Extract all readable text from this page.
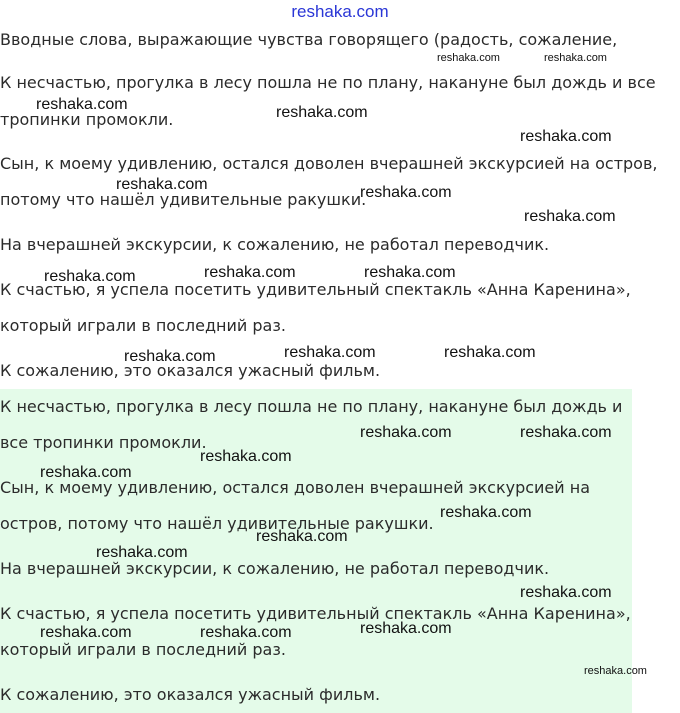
reshaka.com
Вводные слова, выражающие чувства говорящего (радость, сожаление,
К несчастью, прогулка в лесу пошла не по плану, накануне был дождь и все
тропинки промокли.
Сын, к моему удивлению, остался доволен вчерашней экскурсией на остров,
потому что нашёл удивительные ракушки.
На вчерашней экскурсии, к сожалению, не работал переводчик.
К счастью, я успела посетить удивительный спектакль «Анна Каренина»,
который играли в последний раз.
К сожалению, это оказался ужасный фильм.
К несчастью, прогулка в лесу пошла не по плану, накануне был дождь и
все тропинки промокли.
Сын, к моему удивлению, остался доволен вчерашней экскурсией на
остров, потому что нашёл удивительные ракушки.
На вчерашней экскурсии, к сожалению, не работал переводчик.
К счастью, я успела посетить удивительный спектакль «Анна Каренина»,
который играли в последний раз.
К сожалению, это оказался ужасный фильм.
reshaka.com	reshaka.com
reshaka.com	reshaka.com
reshaka.com
reshaka.com	reshaka.com
reshaka.com
reshaka.com	reshaka.com	reshaka.com
reshaka.com	reshaka.com	reshaka.com
reshaka.com	reshaka.com
reshaka.com
reshaka.com
reshaka.com
reshaka.com
reshaka.com
reshaka.com
reshaka.com	reshaka.com	reshaka.com
reshaka.com
